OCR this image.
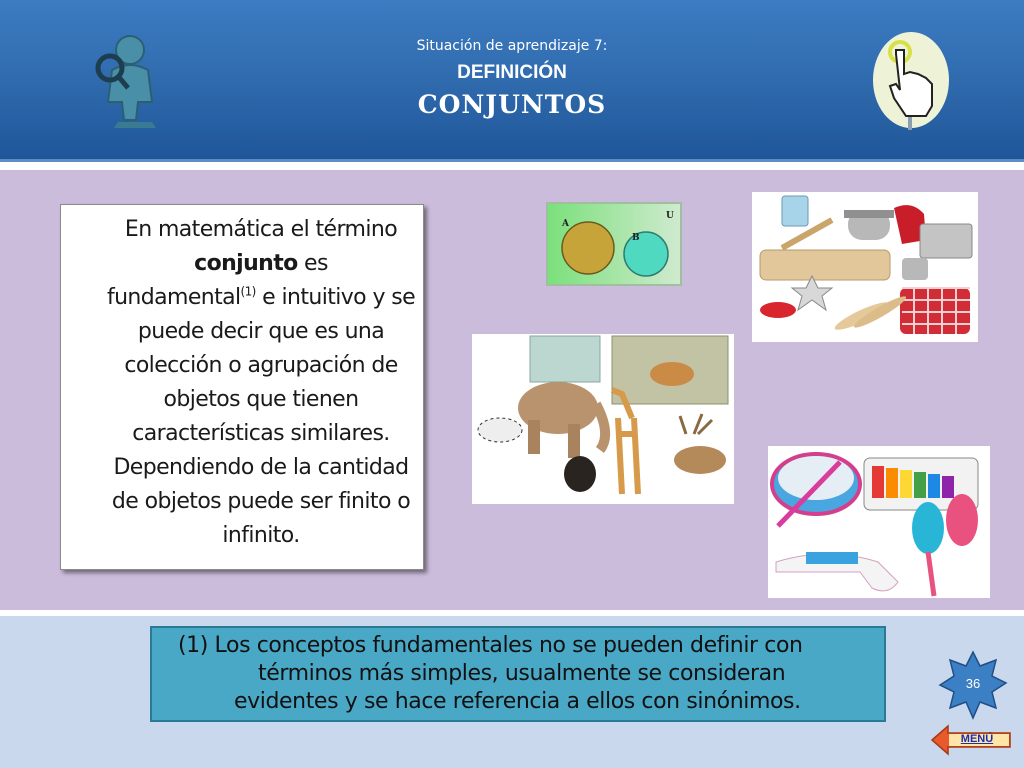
Situación de aprendizaje 7:
DEFINICIÓN
CONJUNTOS

En matemática el término
conjunto es
fundamental$^{(1)}$ e intuitivo y se puede decir que es una colección o agrupación de objetos que tienen características similares. Dependiendo de la cantidad de objetos puede ser finito o infinito.

A
B
U

(1) Los conceptos fundamentales no se pueden definir con
términos más simples, usualmente se consideran
evidentes y se hace referencia a ellos con sinónimos.

36
MENÚ
